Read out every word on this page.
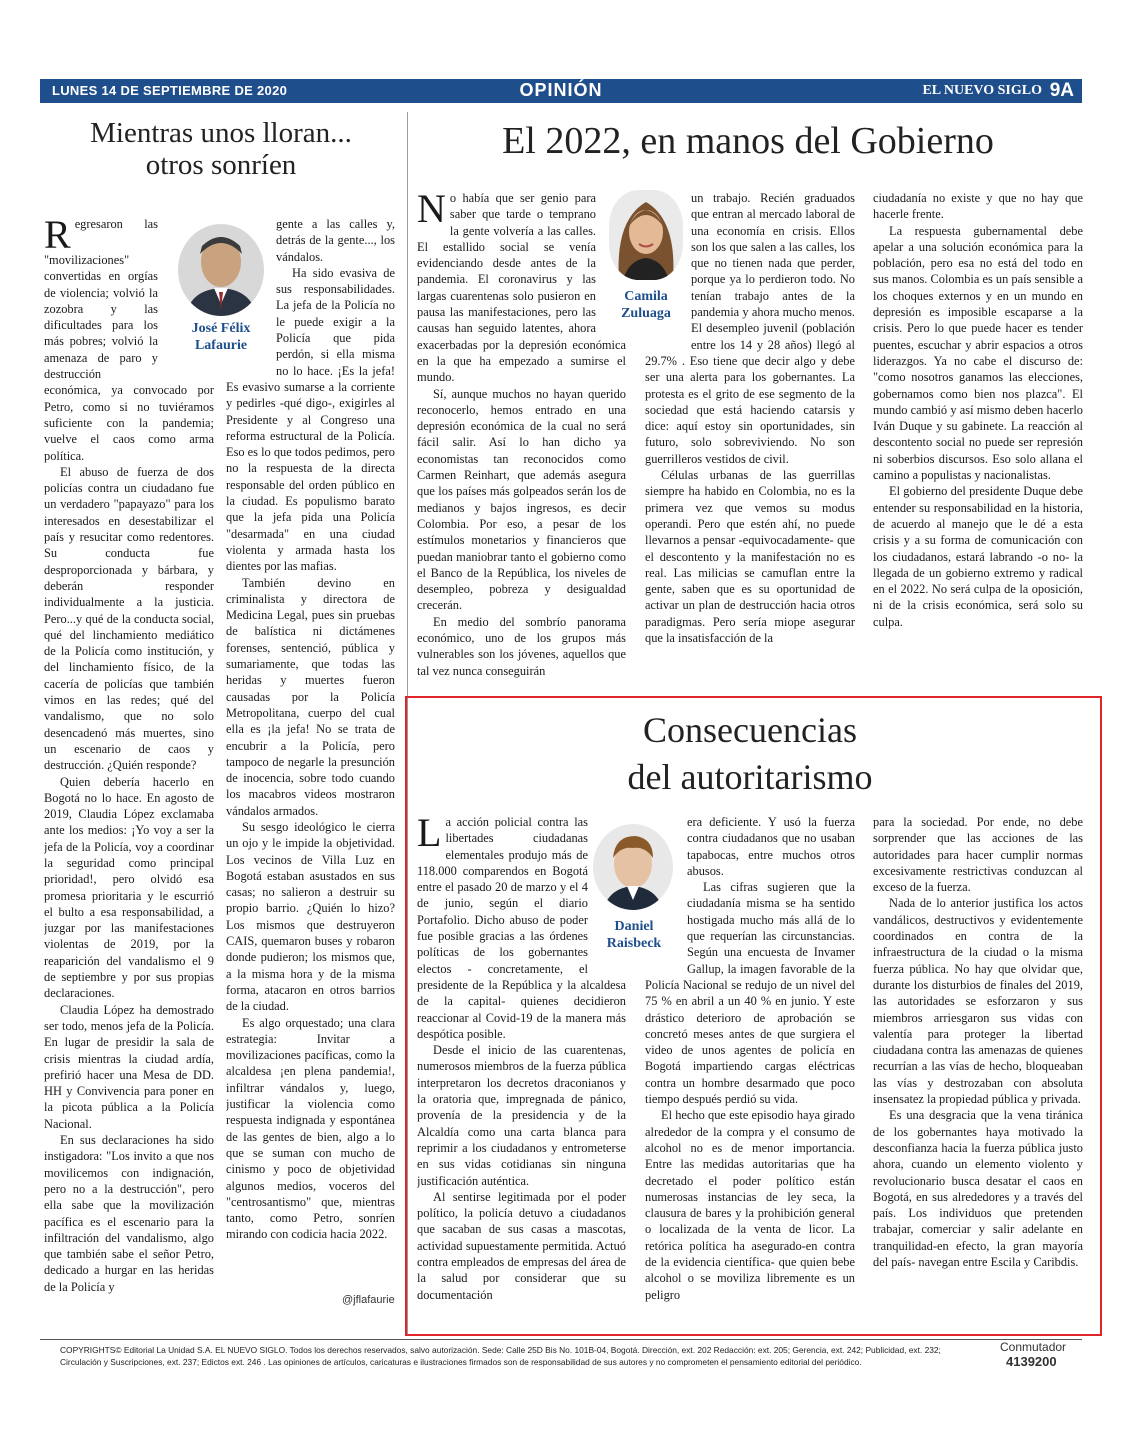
LUNES 14 DE SEPTIEMBRE DE 2020	OPINIÓN	EL NUEVO SIGLO 9A
Mientras unos lloran...
otros sonríen
José Félix
Lafaurie

Regresaron las "movilizaciones" convertidas en orgías de violencia; volvió la zozobra y las dificultades para los más pobres; volvió la amenaza de paro y destrucción económica, ya convocado por Petro, como si no tuviéramos suficiente con la pandemia; vuelve el caos como arma política.

El abuso de fuerza de dos policías contra un ciudadano fue un verdadero "papayazo" para los interesados en desestabilizar el país y resucitar como redentores. Su conducta fue desproporcionada y bárbara, y deberán responder individualmente a la justicia. Pero...y qué de la conducta social, qué del linchamiento mediático de la Policía como institución, y del linchamiento físico, de la cacería de policías que también vimos en las redes; qué del vandalismo, que no solo desencadenó más muertes, sino un escenario de caos y destrucción. ¿Quién responde?

Quien debería hacerlo en Bogotá no lo hace. En agosto de 2019, Claudia López exclamaba ante los medios: ¡Yo voy a ser la jefa de la Policía, voy a coordinar la seguridad como principal prioridad!, pero olvidó esa promesa prioritaria y le escurrió el bulto a esa responsabilidad, a juzgar por las manifestaciones violentas de 2019, por la reaparición del vandalismo el 9 de septiembre y por sus propias declaraciones.

Claudia López ha demostrado ser todo, menos jefa de la Policía. En lugar de presidir la sala de crisis mientras la ciudad ardía, prefirió hacer una Mesa de DD. HH y Convivencia para poner en la picota pública a la Policía Nacional.

En sus declaraciones ha sido instigadora: "Los invito a que nos movilicemos con indignación, pero no a la destrucción", pero ella sabe que la movilización pacífica es el escenario para la infiltración del vandalismo, algo que también sabe el señor Petro, dedicado a hurgar en las heridas de la Policía y

gente a las calles y, detrás de la gente..., los vándalos.

Ha sido evasiva de sus responsabilidades. La jefa de la Policía no le puede exigir a la Policía que pida perdón, si ella misma no lo hace. ¡Es la jefa! Es evasivo sumarse a la corriente y pedirles -qué digo-, exigirles al Presidente y al Congreso una reforma estructural de la Policía. Eso es lo que todos pedimos, pero no la respuesta de la directa responsable del orden público en la ciudad. Es populismo barato que la jefa pida una Policía "desarmada" en una ciudad violenta y armada hasta los dientes por las mafias.

También devino en criminalista y directora de Medicina Legal, pues sin pruebas de balística ni dictámenes forenses, sentenció, pública y sumariamente, que todas las heridas y muertes fueron causadas por la Policía Metropolitana, cuerpo del cual ella es ¡la jefa! No se trata de encubrir a la Policía, pero tampoco de negarle la presunción de inocencia, sobre todo cuando los macabros videos mostraron vándalos armados.

Su sesgo ideológico le cierra un ojo y le impide la objetividad. Los vecinos de Villa Luz en Bogotá estaban asustados en sus casas; no salieron a destruir su propio barrio. ¿Quién lo hizo? Los mismos que destruyeron CAIS, quemaron buses y robaron donde pudieron; los mismos que, a la misma hora y de la misma forma, atacaron en otros barrios de la ciudad.

Es algo orquestado; una clara estrategia: Invitar a movilizaciones pacíficas, como la alcaldesa ¡en plena pandemia!, infiltrar vándalos y, luego, justificar la violencia como respuesta indignada y espontánea de las gentes de bien, algo a lo que se suman con mucho de cinismo y poco de objetividad algunos medios, voceros del "centrosantismo" que, mientras tanto, como Petro, sonríen mirando con codicia hacia 2022.

@jflafaurie
El 2022, en manos del Gobierno
Camila
Zuluaga

No había que ser genio para saber que tarde o temprano la gente volvería a las calles. El estallido social se venía evidenciando desde antes de la pandemia. El coronavirus y las largas cuarentenas solo pusieron en pausa las manifestaciones, pero las causas han seguido latentes, ahora exacerbadas por la depresión económica en la que ha empezado a sumirse el mundo.

Sí, aunque muchos no hayan querido reconocerlo, hemos entrado en una depresión económica de la cual no será fácil salir. Así lo han dicho ya economistas tan reconocidos como Carmen Reinhart, que además asegura que los países más golpeados serán los de medianos y bajos ingresos, es decir Colombia. Por eso, a pesar de los estímulos monetarios y financieros que puedan maniobrar tanto el gobierno como el Banco de la República, los niveles de desempleo, pobreza y desigualdad crecerán.

En medio del sombrío panorama económico, uno de los grupos más vulnerables son los jóvenes, aquellos que tal vez nunca conseguirán

un trabajo. Recién graduados que entran al mercado laboral de una economía en crisis. Ellos son los que salen a las calles, los que no tienen nada que perder, porque ya lo perdieron todo. No tenían trabajo antes de la pandemia y ahora mucho menos. El desempleo juvenil (población entre los 14 y 28 años) llegó al 29.7% . Eso tiene que decir algo y debe ser una alerta para los gobernantes. La protesta es el grito de ese segmento de la sociedad que está haciendo catarsis y dice: aquí estoy sin oportunidades, sin futuro, solo sobreviviendo. No son guerrilleros vestidos de civil.

Células urbanas de las guerrillas siempre ha habido en Colombia, no es la primera vez que vemos su modus operandi. Pero que estén ahí, no puede llevarnos a pensar -equivocadamente- que el descontento y la manifestación no es real. Las milicias se camuflan entre la gente, saben que es su oportunidad de activar un plan de destrucción hacia otros paradigmas. Pero sería miope asegurar que la insatisfacción de la

ciudadanía no existe y que no hay que hacerle frente.

La respuesta gubernamental debe apelar a una solución económica para la población, pero esa no está del todo en sus manos. Colombia es un país sensible a los choques externos y en un mundo en depresión es imposible escaparse a la crisis. Pero lo que puede hacer es tender puentes, escuchar y abrir espacios a otros liderazgos. Ya no cabe el discurso de: "como nosotros ganamos las elecciones, gobernamos como bien nos plazca". El mundo cambió y así mismo deben hacerlo Iván Duque y su gabinete. La reacción al descontento social no puede ser represión ni soberbios discursos. Eso solo allana el camino a populistas y nacionalistas.

El gobierno del presidente Duque debe entender su responsabilidad en la historia, de acuerdo al manejo que le dé a esta crisis y a su forma de comunicación con los ciudadanos, estará labrando -o no- la llegada de un gobierno extremo y radical en el 2022. No será culpa de la oposición, ni de la crisis económica, será solo su culpa.

Consecuencias
del autoritarismo
Daniel
Raisbeck

La acción policial contra las libertades ciudadanas elementales produjo más de 118.000 comparendos en Bogotá entre el pasado 20 de marzo y el 4 de junio, según el diario Portafolio. Dicho abuso de poder fue posible gracias a las órdenes políticas de los gobernantes electos - concretamente, el presidente de la República y la alcaldesa de la capital- quienes decidieron reaccionar al Covid-19 de la manera más despótica posible.

Desde el inicio de las cuarentenas, numerosos miembros de la fuerza pública interpretaron los decretos draconianos y la oratoria que, impregnada de pánico, provenía de la presidencia y de la Alcaldía como una carta blanca para reprimir a los ciudadanos y entrometerse en sus vidas cotidianas sin ninguna justificación auténtica.

Al sentirse legitimada por el poder político, la policía detuvo a ciudadanos que sacaban de sus casas a mascotas, actividad supuestamente permitida. Actuó contra empleados de empresas del área de la salud por considerar que su documentación

era deficiente. Y usó la fuerza contra ciudadanos que no usaban tapabocas, entre muchos otros abusos.

Las cifras sugieren que la ciudadanía misma se ha sentido hostigada mucho más allá de lo que requerían las circunstancias. Según una encuesta de Invamer Gallup, la imagen favorable de la Policía Nacional se redujo de un nivel del 75 % en abril a un 40 % en junio. Y este drástico deterioro de aprobación se concretó meses antes de que surgiera el video de unos agentes de policía en Bogotá impartiendo cargas eléctricas contra un hombre desarmado que poco tiempo después perdió su vida.

El hecho que este episodio haya girado alrededor de la compra y el consumo de alcohol no es de menor importancia. Entre las medidas autoritarias que ha decretado el poder político están numerosas instancias de ley seca, la clausura de bares y la prohibición general o localizada de la venta de licor. La retórica política ha asegurado-en contra de la evidencia científica- que quien bebe alcohol o se moviliza libremente es un peligro

para la sociedad. Por ende, no debe sorprender que las acciones de las autoridades para hacer cumplir normas excesivamente restrictivas conduzcan al exceso de la fuerza.

Nada de lo anterior justifica los actos vandálicos, destructivos y evidentemente coordinados en contra de la infraestructura de la ciudad o la misma fuerza pública. No hay que olvidar que, durante los disturbios de finales del 2019, las autoridades se esforzaron y sus miembros arriesgaron sus vidas con valentía para proteger la libertad ciudadana contra las amenazas de quienes recurrían a las vías de hecho, bloqueaban las vías y destrozaban con absoluta insensatez la propiedad pública y privada.

Es una desgracia que la vena tiránica de los gobernantes haya motivado la desconfianza hacia la fuerza pública justo ahora, cuando un elemento violento y revolucionario busca desatar el caos en Bogotá, en sus alrededores y a través del país. Los individuos que pretenden trabajar, comerciar y salir adelante en tranquilidad-en efecto, la gran mayoría del país- navegan entre Escila y Caribdis.

COPYRIGHTS© Editorial La Unidad S.A. EL NUEVO SIGLO. Todos los derechos reservados, salvo autorización. Sede: Calle 25D Bis No. 101B-04, Bogotá. Dirección, ext. 202 Redacción: ext. 205; Gerencia, ext. 242; Publicidad, ext. 232;
Circulación y Suscripciones, ext. 237; Edictos ext. 246 . Las opiniones de artículos, caricaturas e ilustraciones firmados son de responsabilidad de sus autores y no comprometen el pensamiento editorial del periódico.
Conmutador
4139200
